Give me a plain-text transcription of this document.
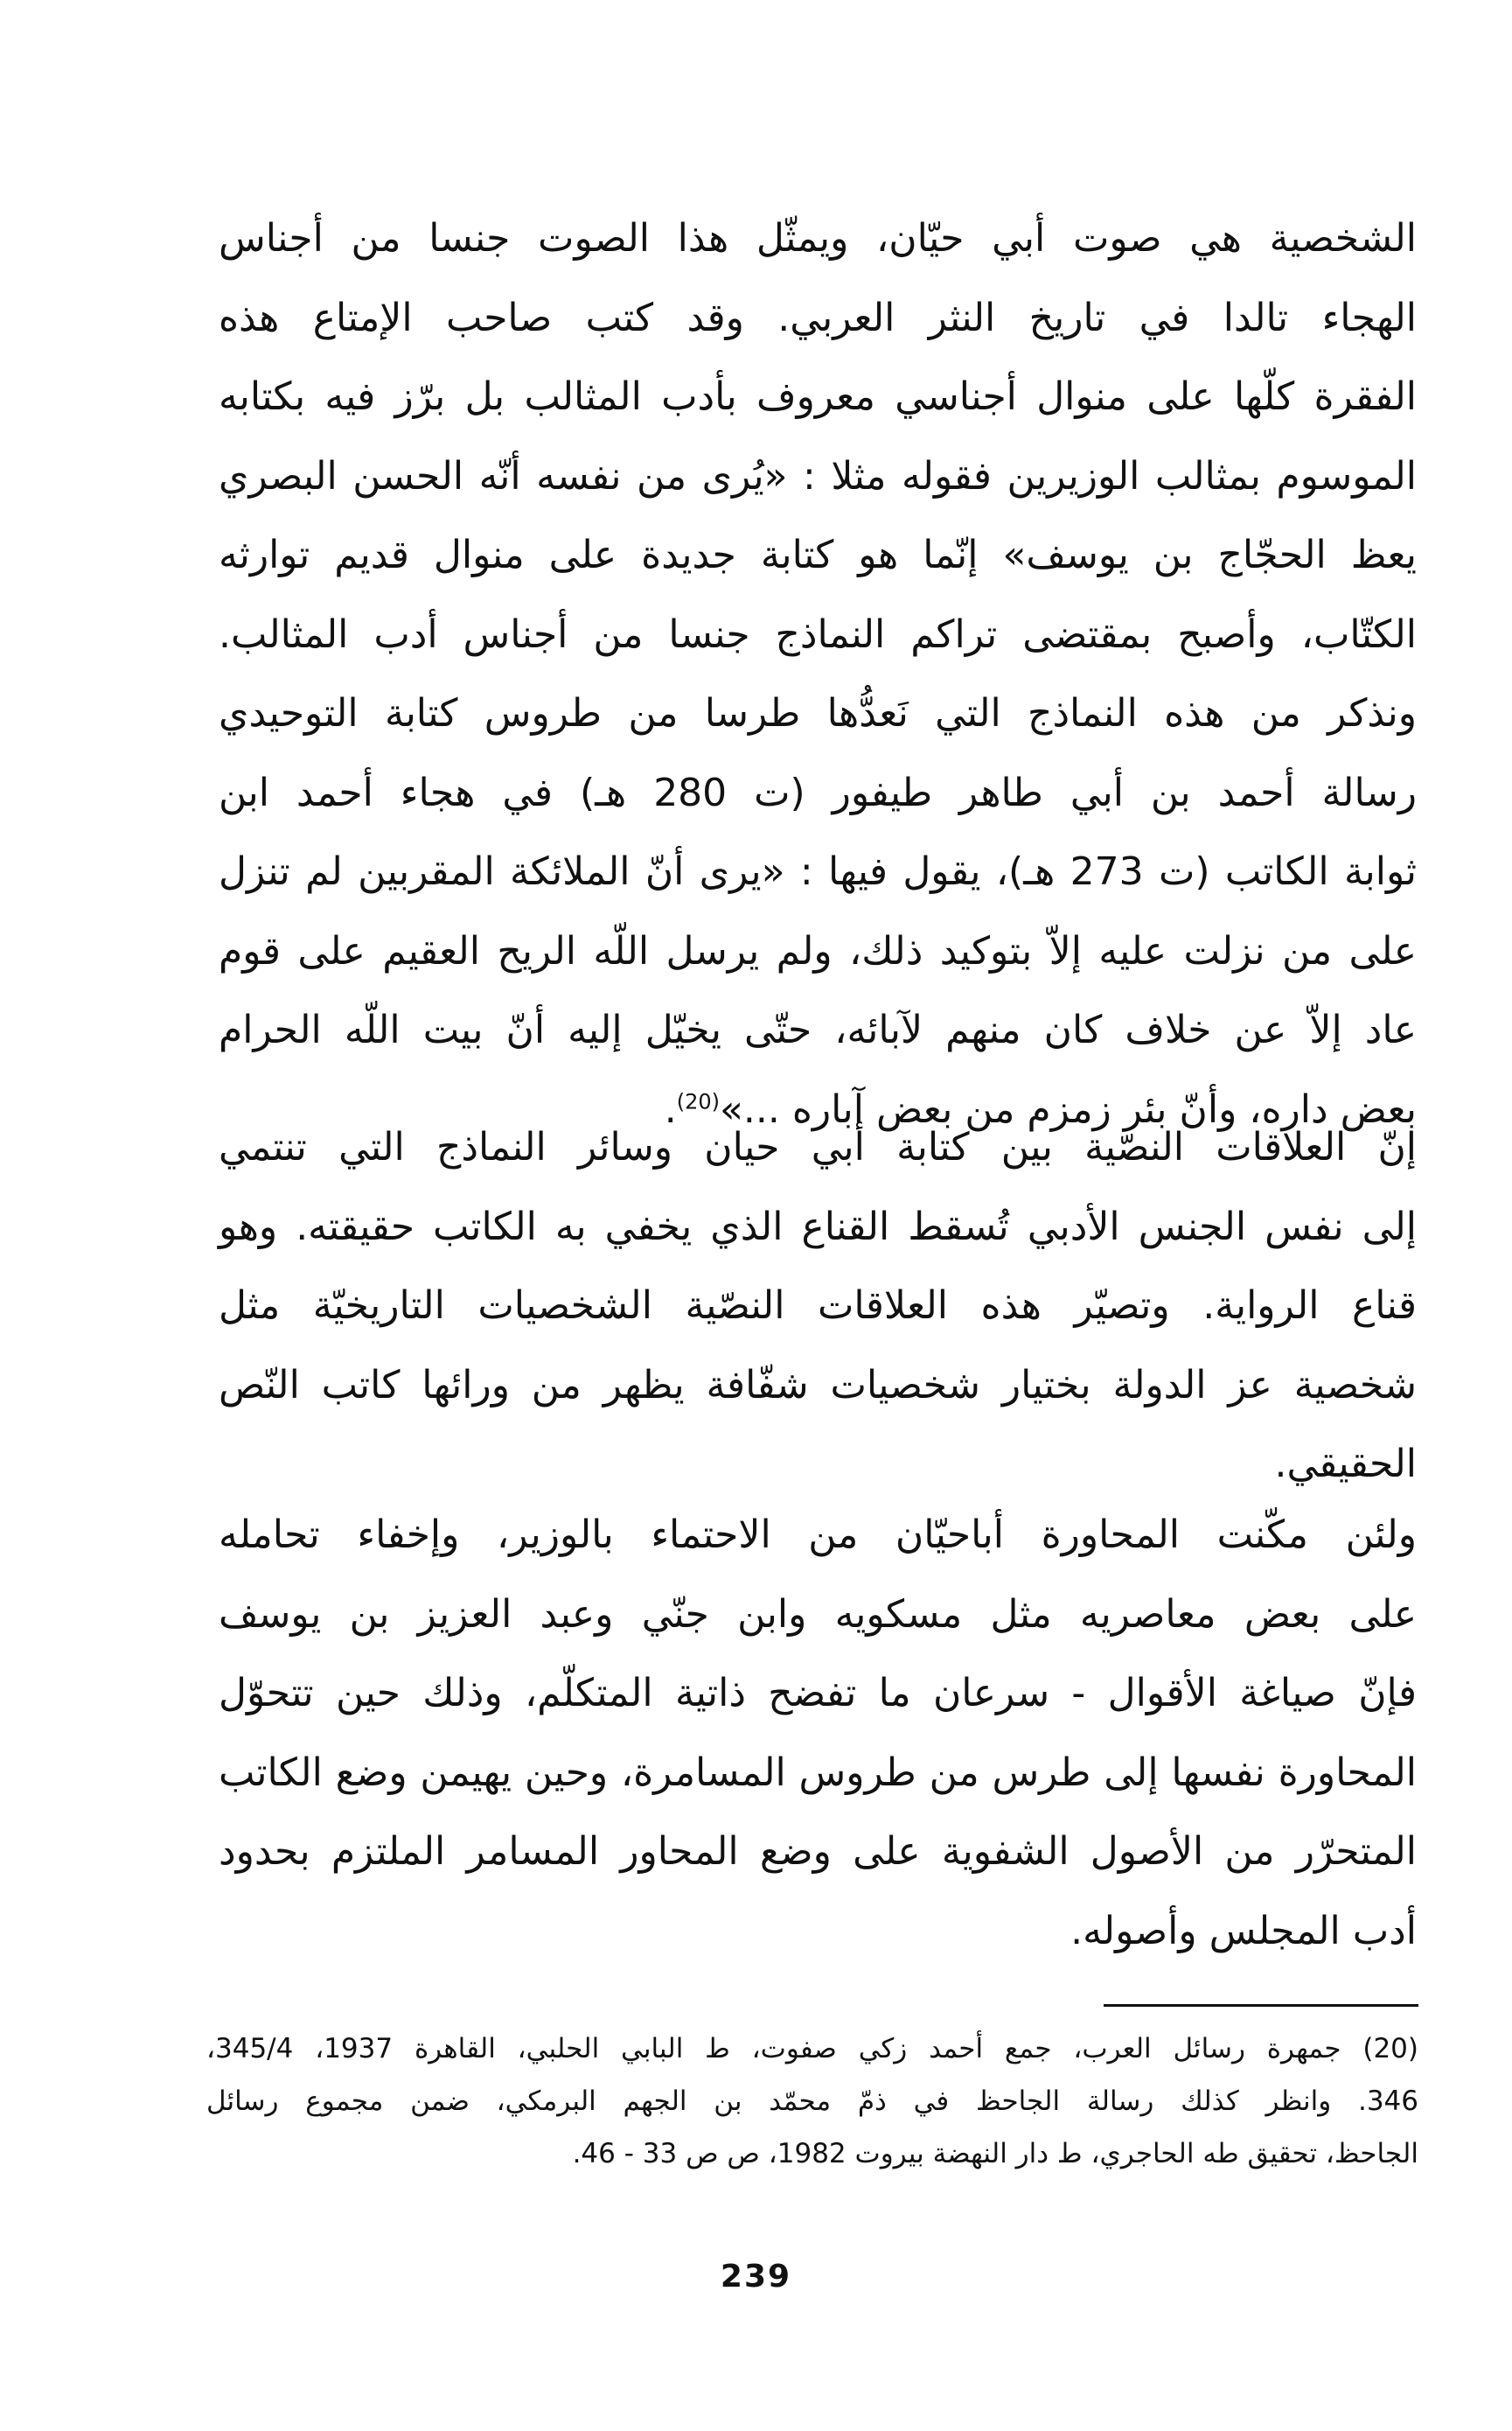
الشخصية هي صوت أبي حيّان، ويمثّل هذا الصوت جنسا من أجناس
الهجاء تالدا في تاريخ النثر العربي. وقد كتب صاحب الإمتاع هذه
الفقرة كلّها على منوال أجناسي معروف بأدب المثالب بل برّز فيه بكتابه
الموسوم بمثالب الوزيرين فقوله مثلا : «يُرى من نفسه أنّه الحسن البصري
يعظ الحجّاج بن يوسف» إنّما هو كتابة جديدة على منوال قديم توارثه
الكتّاب، وأصبح بمقتضى تراكم النماذج جنسا من أجناس أدب المثالب.
ونذكر من هذه النماذج التي نَعدُّها طرسا من طروس كتابة التوحيدي
رسالة أحمد بن أبي طاهر طيفور (ت 280 هـ) في هجاء أحمد ابن
ثوابة الكاتب (ت 273 هـ)، يقول فيها : «يرى أنّ الملائكة المقربين لم تنزل
على من نزلت عليه إلاّ بتوكيد ذلك، ولم يرسل اللّه الريح العقيم على قوم
عاد إلاّ عن خلاف كان منهم لآبائه، حتّى يخيّل إليه أنّ بيت اللّه الحرام
بعض داره، وأنّ بئر زمزم من بعض آباره ...»$^{(20)}$.
إنّ العلاقات النصّية بين كتابة أبي حيان وسائر النماذج التي تنتمي
إلى نفس الجنس الأدبي تُسقط القناع الذي يخفي به الكاتب حقيقته. وهو
قناع الرواية. وتصيّر هذه العلاقات النصّية الشخصيات التاريخيّة مثل
شخصية عز الدولة بختيار شخصيات شفّافة يظهر من ورائها كاتب النّص
الحقيقي.
ولئن مكّنت المحاورة أباحيّان من الاحتماء بالوزير، وإخفاء تحامله
على بعض معاصريه مثل مسكويه وابن جنّي وعبد العزيز بن يوسف
فإنّ صياغة الأقوال - سرعان ما تفضح ذاتية المتكلّم، وذلك حين تتحوّل
المحاورة نفسها إلى طرس من طروس المسامرة، وحين يهيمن وضع الكاتب
المتحرّر من الأصول الشفوية على وضع المحاور المسامر الملتزم بحدود
أدب المجلس وأصوله.
(20) جمهرة رسائل العرب، جمع أحمد زكي صفوت، ط البابي الحلبي، القاهرة 1937، 345/4،
346. وانظر كذلك رسالة الجاحظ في ذمّ محمّد بن الجهم البرمكي، ضمن مجموع رسائل
الجاحظ، تحقيق طه الحاجري، ط دار النهضة بيروت 1982، ص ص 33 - 46.
239
